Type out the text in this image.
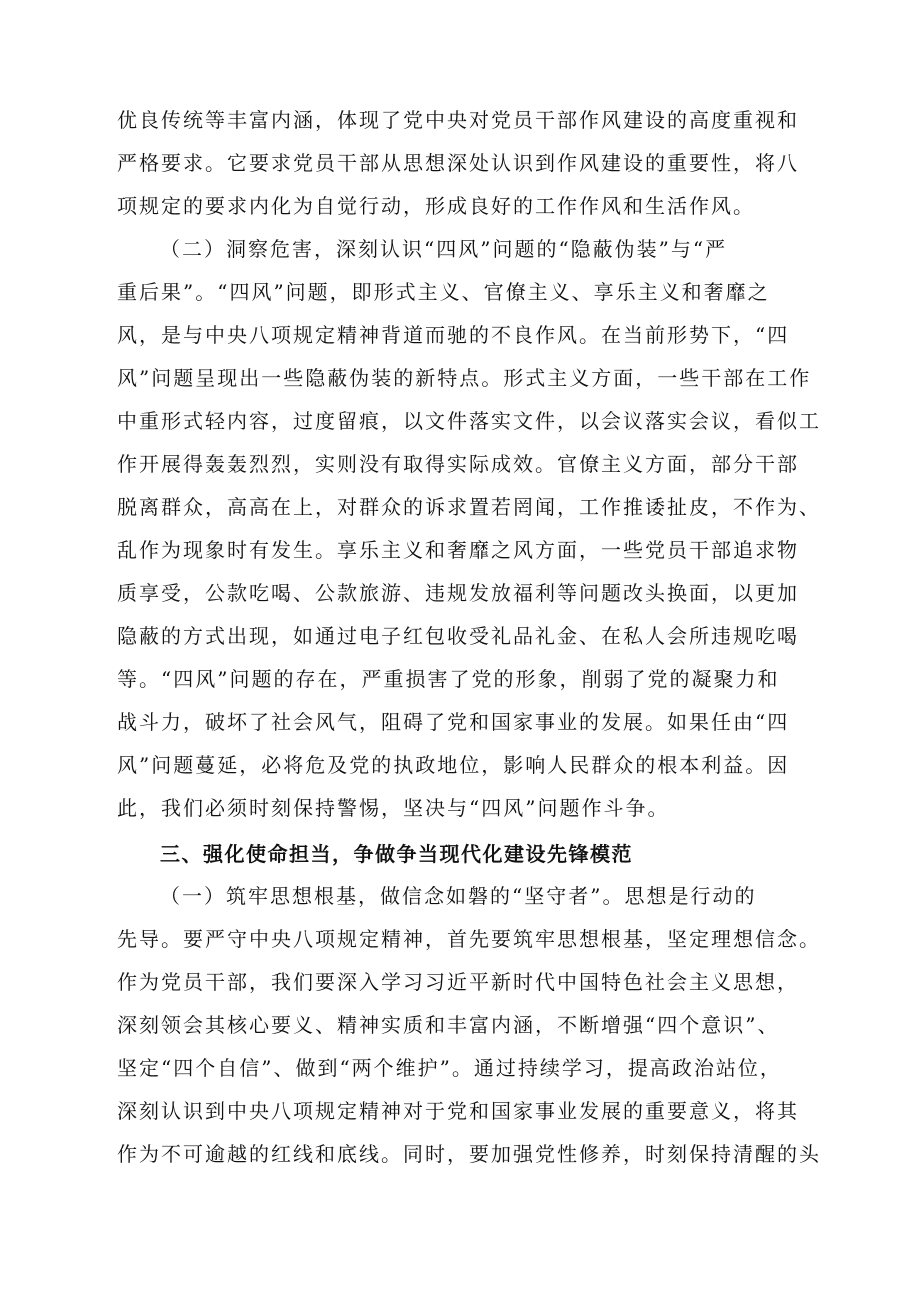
优良传统等丰富内涵，体现了党中央对党员干部作风建设的高度重视和

严格要求。它要求党员干部从思想深处认识到作风建设的重要性，将八

项规定的要求内化为自觉行动，形成良好的工作作风和生活作风。

（二）洞察危害，深刻认识“四风”问题的“隐蔽伪装”与“严

重后果”。“四风”问题，即形式主义、官僚主义、享乐主义和奢靡之

风，是与中央八项规定精神背道而驰的不良作风。在当前形势下，“四

风”问题呈现出一些隐蔽伪装的新特点。形式主义方面，一些干部在工作

中重形式轻内容，过度留痕，以文件落实文件，以会议落实会议，看似工

作开展得轰轰烈烈，实则没有取得实际成效。官僚主义方面，部分干部

脱离群众，高高在上，对群众的诉求置若罔闻，工作推诿扯皮，不作为、

乱作为现象时有发生。享乐主义和奢靡之风方面，一些党员干部追求物

质享受，公款吃喝、公款旅游、违规发放福利等问题改头换面，以更加

隐蔽的方式出现，如通过电子红包收受礼品礼金、在私人会所违规吃喝

等。“四风”问题的存在，严重损害了党的形象，削弱了党的凝聚力和

战斗力，破坏了社会风气，阻碍了党和国家事业的发展。如果任由“四

风”问题蔓延，必将危及党的执政地位，影响人民群众的根本利益。因

此，我们必须时刻保持警惕，坚决与“四风”问题作斗争。

三、强化使命担当，争做争当现代化建设先锋模范

（一）筑牢思想根基，做信念如磐的“坚守者”。思想是行动的

先导。要严守中央八项规定精神，首先要筑牢思想根基，坚定理想信念。

作为党员干部，我们要深入学习习近平新时代中国特色社会主义思想，

深刻领会其核心要义、精神实质和丰富内涵，不断增强“四个意识”、

坚定“四个自信”、做到“两个维护”。通过持续学习，提高政治站位，

深刻认识到中央八项规定精神对于党和国家事业发展的重要意义，将其

作为不可逾越的红线和底线。同时，要加强党性修养，时刻保持清醒的头
